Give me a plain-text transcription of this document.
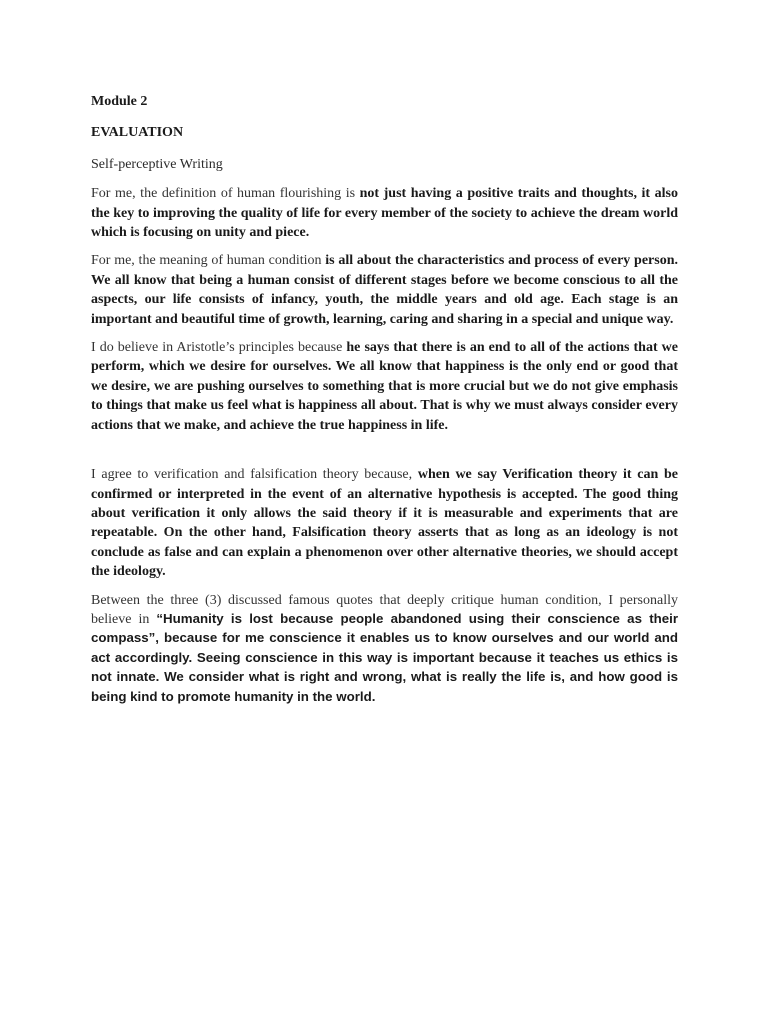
Module 2
EVALUATION
Self-perceptive Writing

For me, the definition of human flourishing is not just having a positive traits and thoughts, it also the key to improving the quality of life for every member of the society to achieve the dream world which is focusing on unity and piece.

For me, the meaning of human condition is all about the characteristics and process of every person. We all know that being a human consist of different stages before we become conscious to all the aspects, our life consists of infancy, youth, the middle years and old age. Each stage is an important and beautiful time of growth, learning, caring and sharing in a special and unique way.

I do believe in Aristotle’s principles because he says that there is an end to all of the actions that we perform, which we desire for ourselves. We all know that happiness is the only end or good that we desire, we are pushing ourselves to something that is more crucial but we do not give emphasis to things that make us feel what is happiness all about. That is why we must always consider every actions that we make, and achieve the true happiness in life.

I agree to verification and falsification theory because, when we say Verification theory it can be confirmed or interpreted in the event of an alternative hypothesis is accepted. The good thing about verification it only allows the said theory if it is measurable and experiments that are repeatable. On the other hand, Falsification theory asserts that as long as an ideology is not conclude as false and can explain a phenomenon over other alternative theories, we should accept the ideology.

Between the three (3) discussed famous quotes that deeply critique human condition, I personally believe in “Humanity is lost because people abandoned using their conscience as their compass”, because for me conscience it enables us to know ourselves and our world and act accordingly. Seeing conscience in this way is important because it teaches us ethics is not innate. We consider what is right and wrong, what is really the life is, and how good is being kind to promote humanity in the world.
